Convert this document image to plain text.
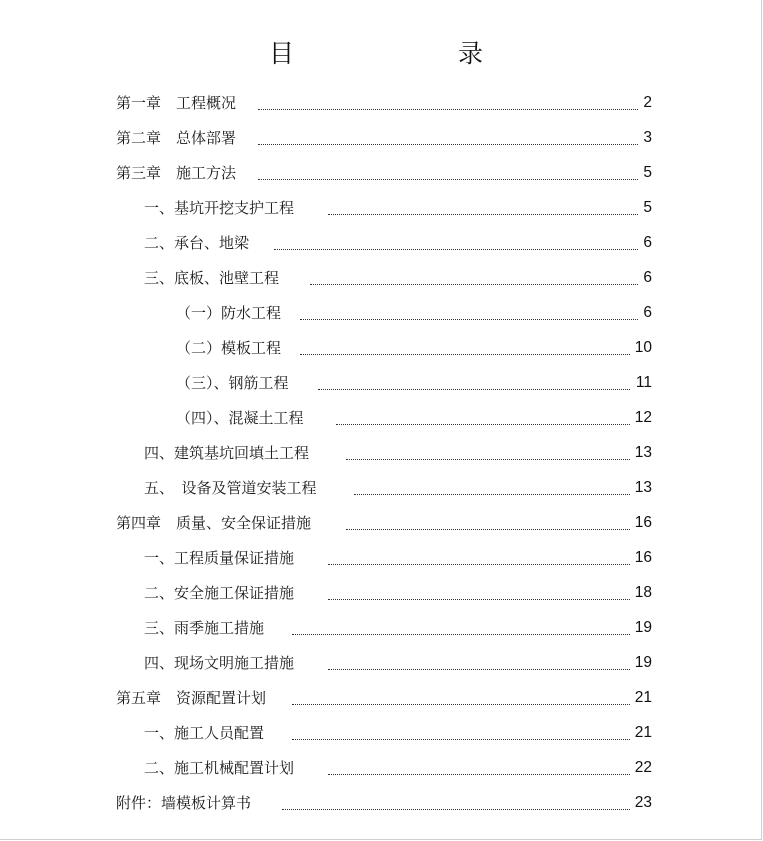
目　　录
第一章　工程概况	2
第二章　总体部署	3
第三章　施工方法	5
一、基坑开挖支护工程	5
二、承台、地梁	6
三、底板、池壁工程	6
（一）防水工程	6
（二）模板工程	10
（三）、钢筋工程	11
（四）、混凝土工程	12
四、建筑基坑回填土工程	13
五、　设备及管道安装工程	13
第四章　质量、安全保证措施	16
一、工程质量保证措施	16
二、安全施工保证措施	18
三、雨季施工措施	19
四、现场文明施工措施	19
第五章　资源配置计划	21
一、施工人员配置	21
二、施工机械配置计划	22
附件：墙模板计算书	23
